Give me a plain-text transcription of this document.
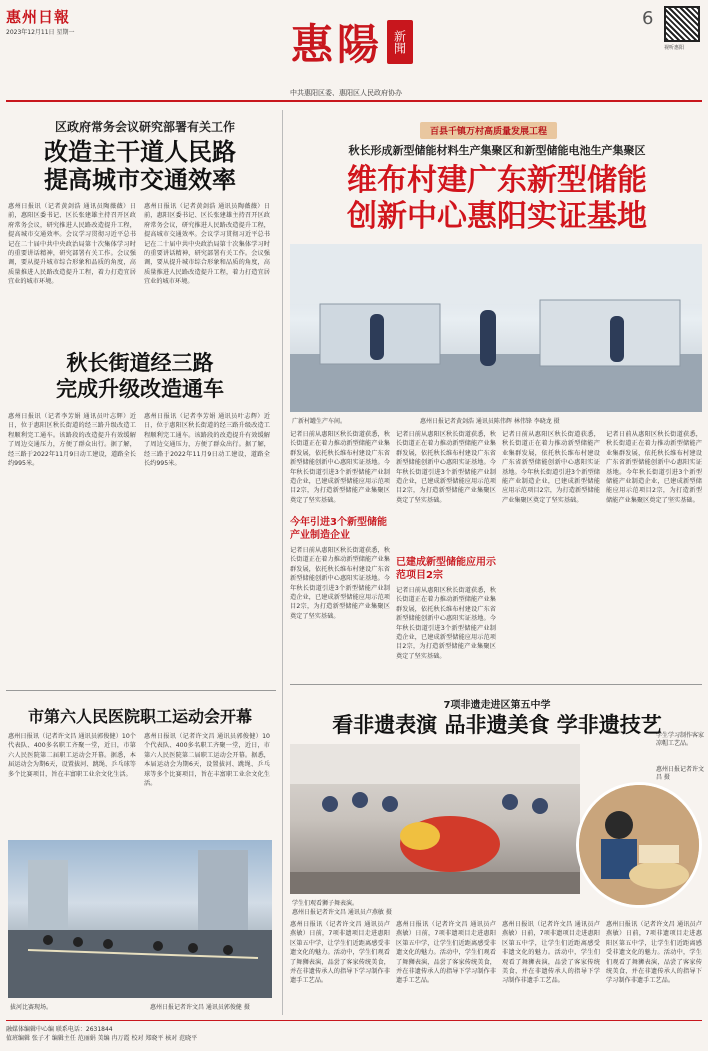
惠州日報
2023年12月11日 星期一	惠陽 新聞
中共惠阳区委、惠阳区人民政府协办
6
视听惠阳
区政府常务会议研究部署有关工作
改造主干道人民路
提高城市交通效率
惠州日报讯（记者黄剑浩 通讯员陶薇薇）日前，惠阳区委书记、区长张建雄主持召开区政府常务会议，研究推进人民路改造提升工程，提高城市交通效率。会议学习贯彻习近平总书记在二十届中共中央政治局第十次集体学习时的重要讲话精神，研究部署有关工作。会议强调，要从提升城市综合形象和品质的角度，高质量推进人民路改造提升工程，着力打造宜居宜业的城市环境。
惠州日报讯（记者黄剑浩 通讯员陶薇薇）日前，惠阳区委书记、区长张建雄主持召开区政府常务会议，研究推进人民路改造提升工程，提高城市交通效率。会议学习贯彻习近平总书记在二十届中共中央政治局第十次集体学习时的重要讲话精神，研究部署有关工作。会议强调，要从提升城市综合形象和品质的角度，高质量推进人民路改造提升工程，着力打造宜居宜业的城市环境。
秋长街道经三路
完成升级改造通车
惠州日报讯（记者李芳娟 通讯员叶志辉）近日，位于惠阳区秋长街道的经三路升级改造工程顺利完工通车。该路段的改造提升有效缓解了周边交通压力，方便了群众出行。据了解，经三路于2022年11月9日动工建设，道路全长约995米。
惠州日报讯（记者李芳娟 通讯员叶志辉）近日，位于惠阳区秋长街道的经三路升级改造工程顺利完工通车。该路段的改造提升有效缓解了周边交通压力，方便了群众出行。据了解，经三路于2022年11月9日动工建设，道路全长约995米。
市第六人民医院职工运动会开幕
惠州日报讯（记者许文昌 通讯员郭俊健）10个代表队、400多名职工齐聚一堂，近日，市第六人民医院第二届职工运动会开幕。据悉，本届运动会为期6天，设置拔河、跳绳、乒乓球等多个比赛项目，旨在丰富职工业余文化生活。
惠州日报讯（记者许文昌 通讯员郭俊健）10个代表队、400多名职工齐聚一堂，近日，市第六人民医院第二届职工运动会开幕。据悉，本届运动会为期6天，设置拔河、跳绳、乒乓球等多个比赛项目，旨在丰富职工业余文化生活。
拔河比赛现场。	惠州日报记者许文昌 通讯员郭俊健 摄
百县千镇万村高质量发展工程
秋长形成新型储能材料生产集聚区和新型储能电池生产集聚区
维布村建广东新型储能
创新中心惠阳实证基地
广新村罐生产车间。	惠州日报记者黄剑浩 通讯员陈伟辉 林伟锋 李晓龙 摄
记者日前从惠阳区秋长街道获悉，秋长街道正在着力推动新型储能产业集群发展，依托秋长维布村建设广东省新型储能创新中心惠阳实证基地。今年秋长街道引进3个新型储能产业制造企业，已建成新型储能应用示范项目2宗，为打造新型储能产业集聚区奠定了坚实基础。
今年引进3个新型储能产业制造企业
记者日前从惠阳区秋长街道获悉，秋长街道正在着力推动新型储能产业集群发展，依托秋长维布村建设广东省新型储能创新中心惠阳实证基地。今年秋长街道引进3个新型储能产业制造企业，已建成新型储能应用示范项目2宗，为打造新型储能产业集聚区奠定了坚实基础。
记者日前从惠阳区秋长街道获悉，秋长街道正在着力推动新型储能产业集群发展，依托秋长维布村建设广东省新型储能创新中心惠阳实证基地。今年秋长街道引进3个新型储能产业制造企业，已建成新型储能应用示范项目2宗，为打造新型储能产业集聚区奠定了坚实基础。
已建成新型储能应用示范项目2宗
记者日前从惠阳区秋长街道获悉，秋长街道正在着力推动新型储能产业集群发展，依托秋长维布村建设广东省新型储能创新中心惠阳实证基地。今年秋长街道引进3个新型储能产业制造企业，已建成新型储能应用示范项目2宗，为打造新型储能产业集聚区奠定了坚实基础。
记者日前从惠阳区秋长街道获悉，秋长街道正在着力推动新型储能产业集群发展，依托秋长维布村建设广东省新型储能创新中心惠阳实证基地。今年秋长街道引进3个新型储能产业制造企业，已建成新型储能应用示范项目2宗，为打造新型储能产业集聚区奠定了坚实基础。
记者日前从惠阳区秋长街道获悉，秋长街道正在着力推动新型储能产业集群发展，依托秋长维布村建设广东省新型储能创新中心惠阳实证基地。今年秋长街道引进3个新型储能产业制造企业，已建成新型储能应用示范项目2宗，为打造新型储能产业集聚区奠定了坚实基础。
7项非遗走进区第五中学
看非遗表演 品非遗美食 学非遗技艺
学生们观看狮子舞表演。
惠州日报记者许文昌 通讯员卢燕敏 摄
学生学习制作客家凉帽工艺品。
惠州日报记者许文昌 摄
惠州日报讯（记者许文昌 通讯员卢燕敏）日前，7项非遗项目走进惠阳区第五中学，让学生们近距离感受非遗文化的魅力。活动中，学生们观看了舞狮表演，品尝了客家传统美食，并在非遗传承人的指导下学习制作非遗手工艺品。
惠州日报讯（记者许文昌 通讯员卢燕敏）日前，7项非遗项目走进惠阳区第五中学，让学生们近距离感受非遗文化的魅力。活动中，学生们观看了舞狮表演，品尝了客家传统美食，并在非遗传承人的指导下学习制作非遗手工艺品。
惠州日报讯（记者许文昌 通讯员卢燕敏）日前，7项非遗项目走进惠阳区第五中学，让学生们近距离感受非遗文化的魅力。活动中，学生们观看了舞狮表演，品尝了客家传统美食，并在非遗传承人的指导下学习制作非遗手工艺品。
惠州日报讯（记者许文昌 通讯员卢燕敏）日前，7项非遗项目走进惠阳区第五中学，让学生们近距离感受非遗文化的魅力。活动中，学生们观看了舞狮表演，品尝了客家传统美食，并在非遗传承人的指导下学习制作非遗手工艺品。
融媒体编辑中心编 联系电话：2631844
值班编辑 张子才 编辑主任 范丽娟 美编 冉万霞 校对 郑晓平 核对 范晓平
